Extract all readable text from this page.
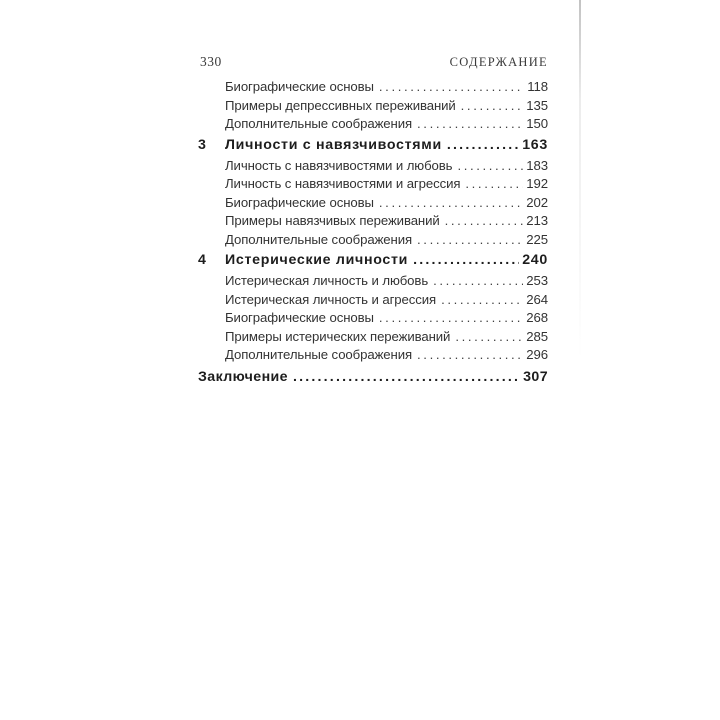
330	СОДЕРЖАНИЕ
Биографические основы .....	118
Примеры депрессивных переживаний .....	135
Дополнительные соображения .....	150
3	Личности с навязчивостями .....	163
Личность с навязчивостями и любовь .....	183
Личность с навязчивостями и агрессия .....	192
Биографические основы .....	202
Примеры навязчивых переживаний .....	213
Дополнительные соображения .....	225
4	Истерические личности .....	240
Истерическая личность и любовь .....	253
Истерическая личность и агрессия .....	264
Биографические основы .....	268
Примеры истерических переживаний .....	285
Дополнительные соображения .....	296
Заключение .....	307
